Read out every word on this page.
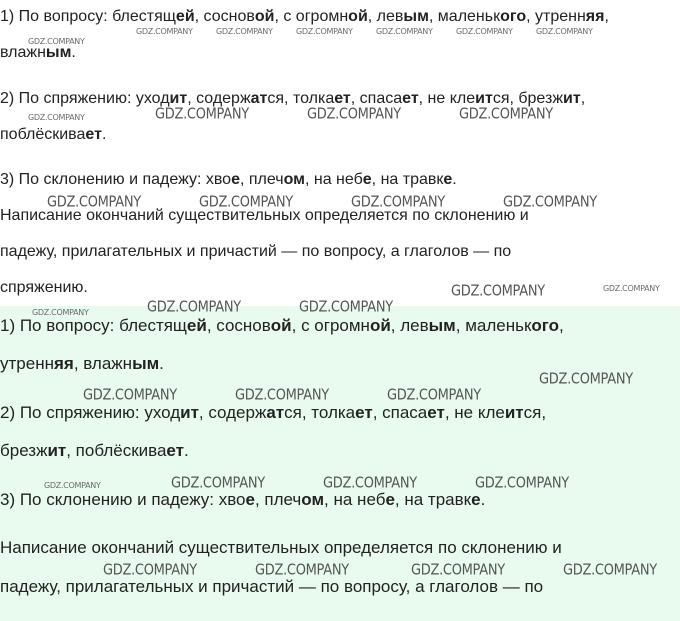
1) По вопросу: блестящей, сосновой, с огромной, левым, маленького, утренняя,
влажным.
2) По спряжению: уходит, содержатся, толкает, спасает, не клеится, брезжит,
поблёскивает.
3) По склонению и падежу: хвое, плечом, на небе, на травке.
Написание окончаний существительных определяется по склонению и
падежу, прилагательных и причастий — по вопросу, а глаголов — по
спряжению.
GDZ.COMPANY
GDZ.COMPANY	GDZ.COMPANY	GDZ.COMPANY	GDZ.COMPANY	GDZ.COMPANY	GDZ.COMPANY
GDZ.COMPANY	GDZ.COMPANY	GDZ.COMPANY	GDZ.COMPANY
GDZ.COMPANY	GDZ.COMPANY	GDZ.COMPANY	GDZ.COMPANY
GDZ.COMPANY	GDZ.COMPANY
1) По вопросу: блестящей, сосновой, с огромной, левым, маленького,
утренняя, влажным.
2) По спряжению: уходит, содержатся, толкает, спасает, не клеится,
брезжит, поблёскивает.
3) По склонению и падежу: хвое, плечом, на небе, на травке.
Написание окончаний существительных определяется по склонению и
падежу, прилагательных и причастий — по вопросу, а глаголов — по
GDZ.COMPANY	GDZ.COMPANY	GDZ.COMPANY
GDZ.COMPANY
GDZ.COMPANY	GDZ.COMPANY	GDZ.COMPANY
GDZ.COMPANY	GDZ.COMPANY	GDZ.COMPANY	GDZ.COMPANY
GDZ.COMPANY	GDZ.COMPANY	GDZ.COMPANY	GDZ.COMPANY
